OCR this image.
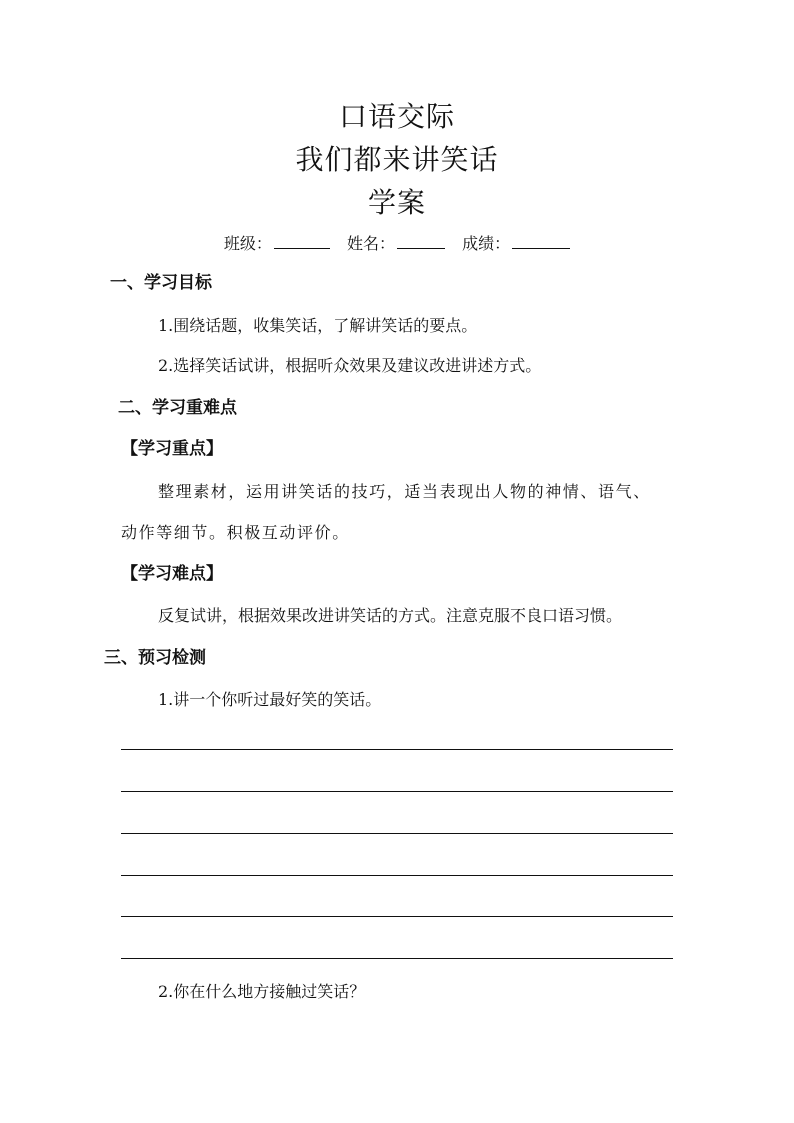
口语交际
我们都来讲笑话
学案
班级：	姓名：	成绩：
一、学习目标
1.围绕话题，收集笑话，了解讲笑话的要点。
2.选择笑话试讲，根据听众效果及建议改进讲述方式。
二、学习重难点
【学习重点】
整理素材，运用讲笑话的技巧，适当表现出人物的神情、语气、
动作等细节。积极互动评价。
【学习难点】
反复试讲，根据效果改进讲笑话的方式。注意克服不良口语习惯。
三、预习检测
1.讲一个你听过最好笑的笑话。
2.你在什么地方接触过笑话？
